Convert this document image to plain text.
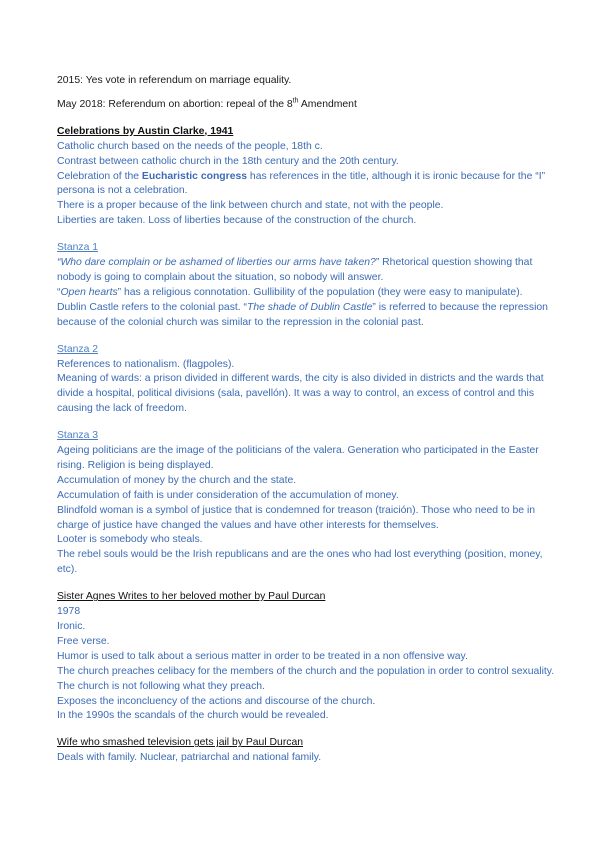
2015: Yes vote in referendum on marriage equality.

May 2018: Referendum on abortion: repeal of the 8th Amendment

Celebrations by Austin Clarke, 1941

Catholic church based on the needs of the people, 18th c.

Contrast between catholic church in the 18th century and the 20th century.

Celebration of the Eucharistic congress has references in the title, although it is ironic because for the “I” persona is not a celebration.

There is a proper because of the link between church and state, not with the people.

Liberties are taken. Loss of liberties because of the construction of the church.

Stanza 1

“Who dare complain or be ashamed of liberties our arms have taken?” Rhetorical question showing that nobody is going to complain about the situation, so nobody will answer.

“Open hearts” has a religious connotation. Gullibility of the population (they were easy to manipulate).

Dublin Castle refers to the colonial past. “The shade of Dublin Castle” is referred to because the repression because of the colonial church was similar to the repression in the colonial past.

Stanza 2

References to nationalism. (flagpoles).

Meaning of wards: a prison divided in different wards, the city is also divided in districts and the wards that divide a hospital, political divisions (sala, pavellón). It was a way to control, an excess of control and this causing the lack of freedom.

Stanza 3

Ageing politicians are the image of the politicians of the valera. Generation who participated in the Easter rising. Religion is being displayed.

Accumulation of money by the church and the state.

Accumulation of faith is under consideration of the accumulation of money.

Blindfold woman is a symbol of justice that is condemned for treason (traición). Those who need to be in charge of justice have changed the values and have other interests for themselves.

Looter is somebody who steals.

The rebel souls would be the Irish republicans and are the ones who had lost everything (position, money, etc).

Sister Agnes Writes to her beloved mother by Paul Durcan

1978

Ironic.

Free verse.

Humor is used to talk about a serious matter in order to be treated in a non offensive way.

The church preaches celibacy for the members of the church and the population in order to control sexuality. The church is not following what they preach.

Exposes the inconcluency of the actions and discourse of the church.

In the 1990s the scandals of the church would be revealed.

Wife who smashed television gets jail by Paul Durcan

Deals with family. Nuclear, patriarchal and national family.
